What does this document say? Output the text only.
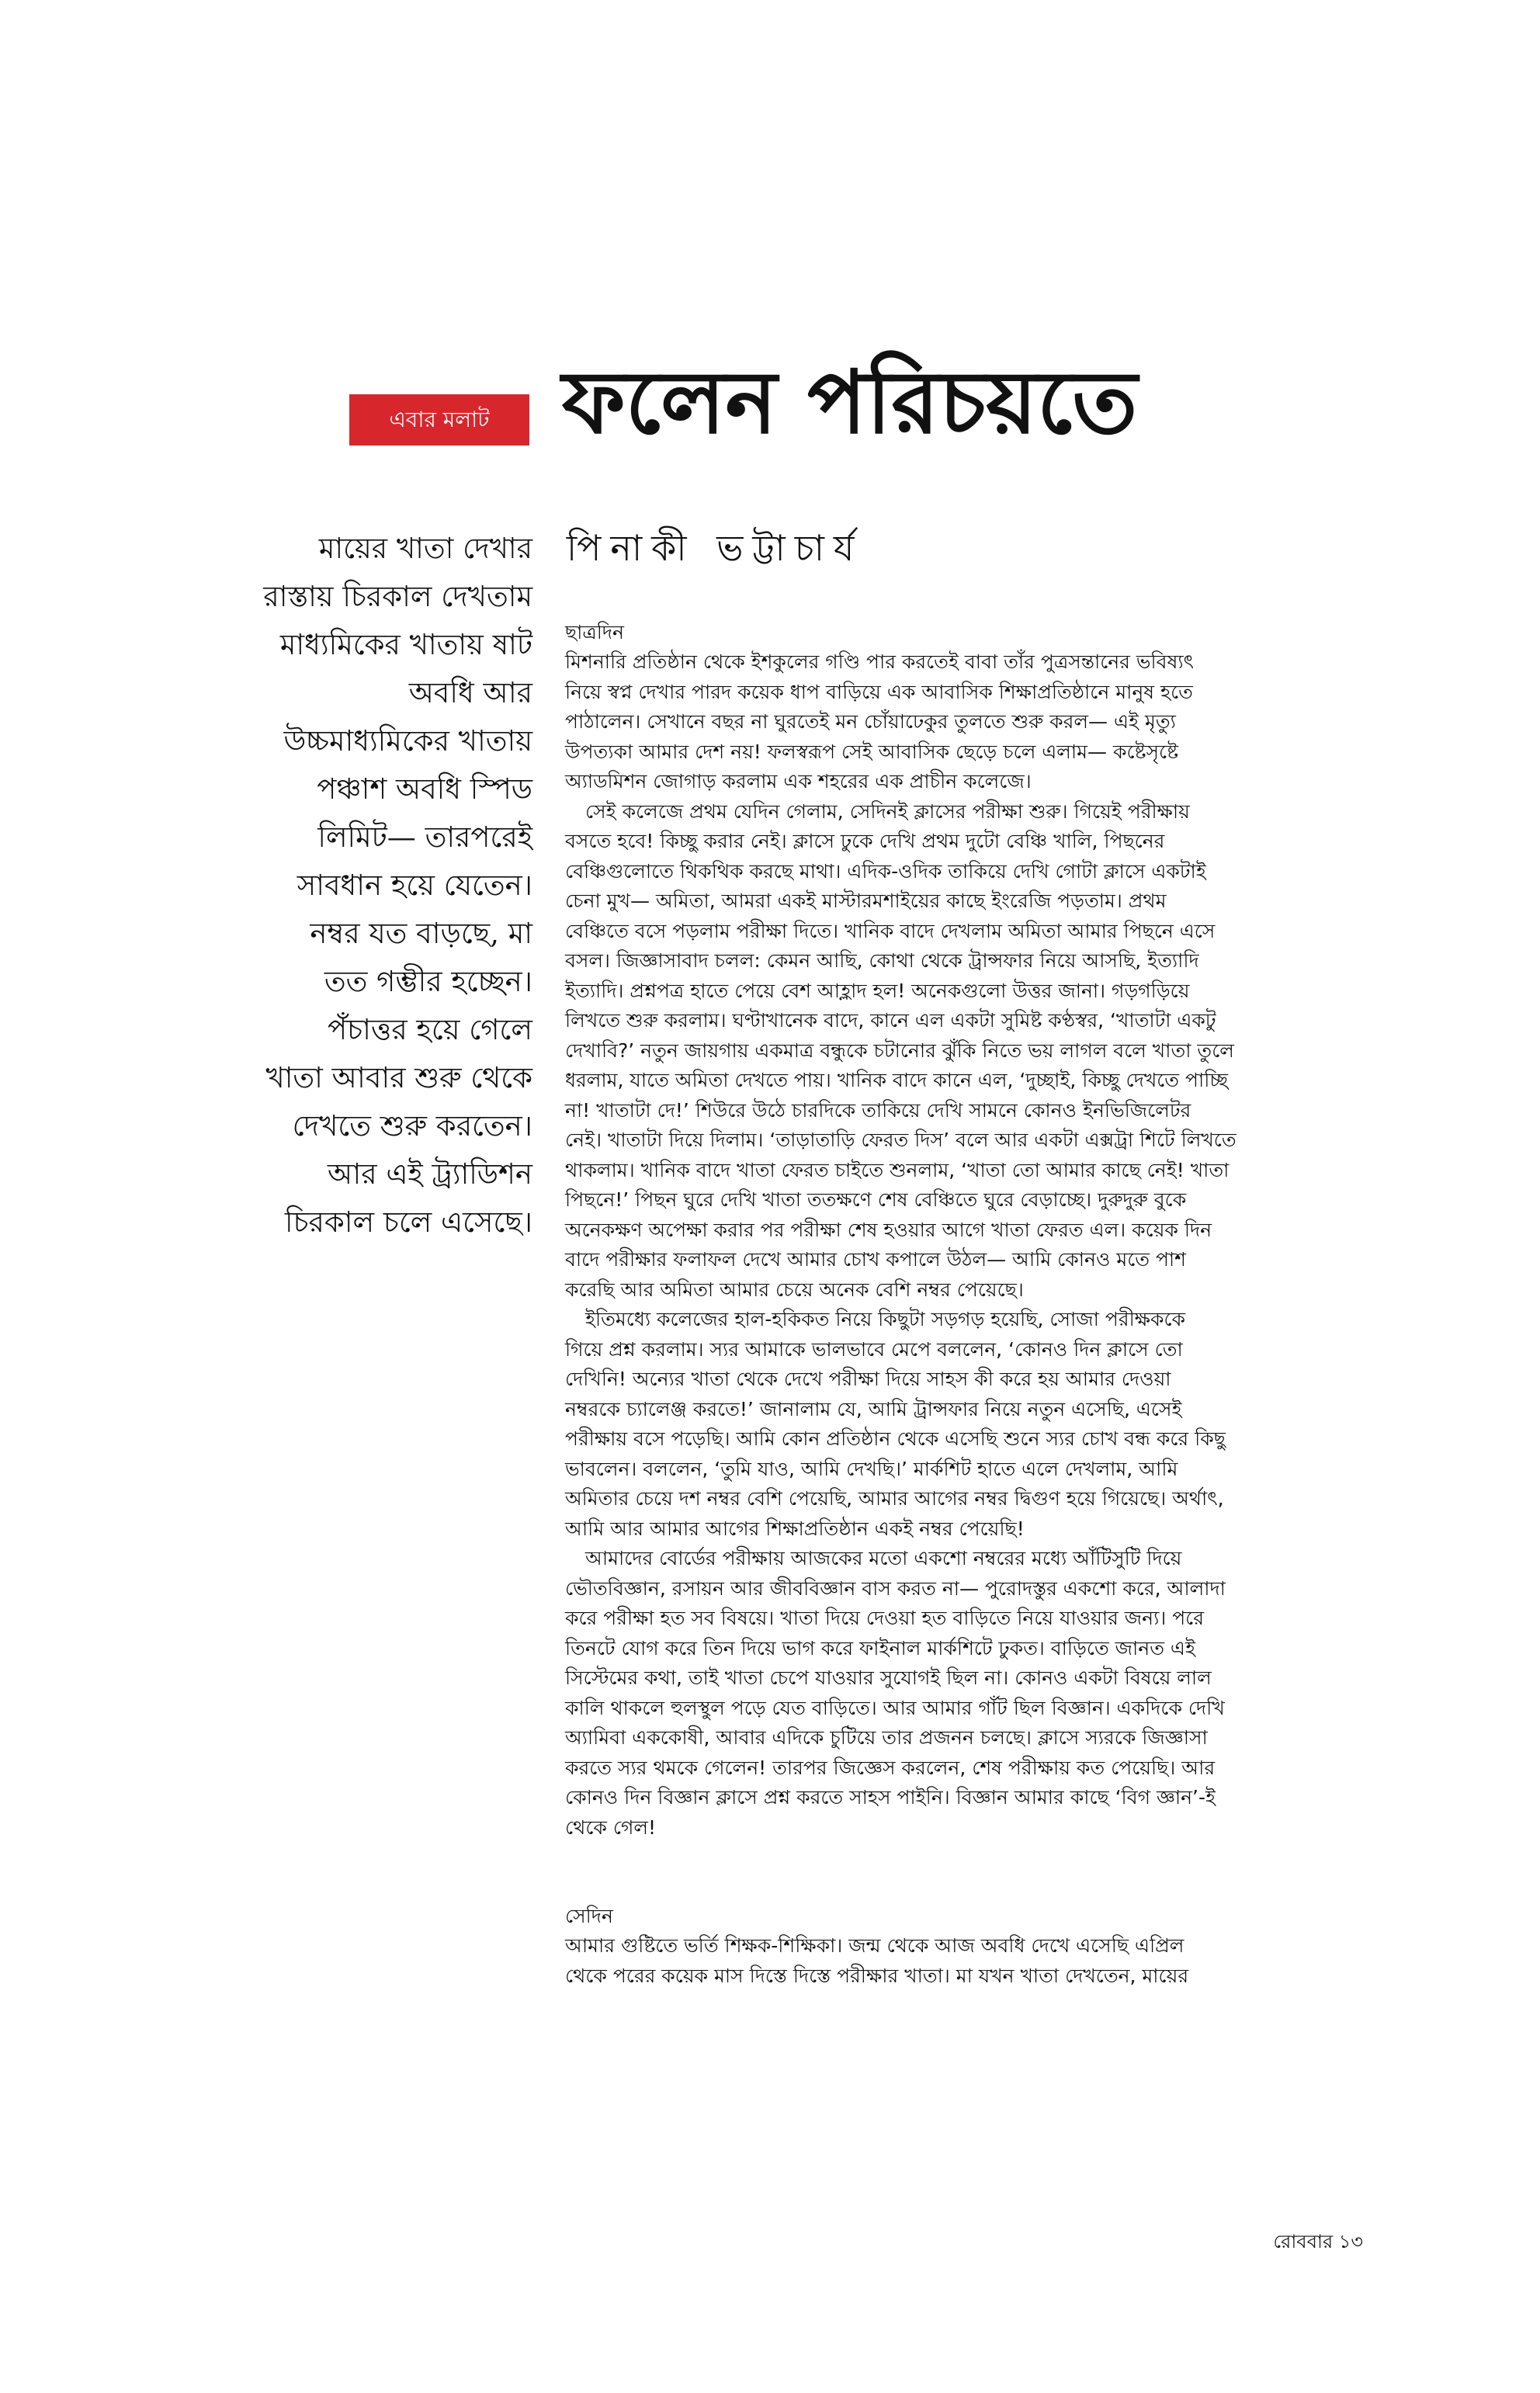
এবার মলাট ফলেন পরিচয়তে
পিনাকী ভট্টাচার্য
মায়ের খাতা দেখার
রাস্তায় চিরকাল দেখতাম
মাধ্যমিকের খাতায় ষাট
অবধি আর
উচ্চমাধ্যমিকের খাতায়
পঞ্চাশ অবধি স্পিড
লিমিট— তারপরেই
সাবধান হয়ে যেতেন।
নম্বর যত বাড়ছে, মা
তত গম্ভীর হচ্ছেন।
পঁচাত্তর হয়ে গেলে
খাতা আবার শুরু থেকে
দেখতে শুরু করতেন।
আর এই ট্র্যাডিশন
চিরকাল চলে এসেছে।
ছাত্রদিন
মিশনারি প্রতিষ্ঠান থেকে ইশকুলের গণ্ডি পার করতেই বাবা তাঁর পুত্রসন্তানের ভবিষ্যৎ
নিয়ে স্বপ্ন দেখার পারদ কয়েক ধাপ বাড়িয়ে এক আবাসিক শিক্ষাপ্রতিষ্ঠানে মানুষ হতে
পাঠালেন। সেখানে বছর না ঘুরতেই মন চোঁয়াঢেকুর তুলতে শুরু করল— এই মৃত্যু
উপত্যকা আমার দেশ নয়! ফলস্বরূপ সেই আবাসিক ছেড়ে চলে এলাম— কষ্টেসৃষ্টে
অ্যাডমিশন জোগাড় করলাম এক শহরের এক প্রাচীন কলেজে।
সেই কলেজে প্রথম যেদিন গেলাম, সেদিনই ক্লাসের পরীক্ষা শুরু। গিয়েই পরীক্ষায়
বসতে হবে! কিচ্ছু করার নেই। ক্লাসে ঢুকে দেখি প্রথম দুটো বেঞ্চি খালি, পিছনের
বেঞ্চিগুলোতে থিকথিক করছে মাথা। এদিক-ওদিক তাকিয়ে দেখি গোটা ক্লাসে একটাই
চেনা মুখ— অমিতা, আমরা একই মাস্টারমশাইয়ের কাছে ইংরেজি পড়তাম। প্রথম
বেঞ্চিতে বসে পড়লাম পরীক্ষা দিতে। খানিক বাদে দেখলাম অমিতা আমার পিছনে এসে
বসল। জিজ্ঞাসাবাদ চলল: কেমন আছি, কোথা থেকে ট্রান্সফার নিয়ে আসছি, ইত্যাদি
ইত্যাদি। প্রশ্নপত্র হাতে পেয়ে বেশ আহ্লাদ হল! অনেকগুলো উত্তর জানা। গড়গড়িয়ে
লিখতে শুরু করলাম। ঘণ্টাখানেক বাদে, কানে এল একটা সুমিষ্ট কণ্ঠস্বর, ‘খাতাটা একটু
দেখাবি?’ নতুন জায়গায় একমাত্র বন্ধুকে চটানোর ঝুঁকি নিতে ভয় লাগল বলে খাতা তুলে
ধরলাম, যাতে অমিতা দেখতে পায়। খানিক বাদে কানে এল, ‘দুচ্ছাই, কিচ্ছু দেখতে পাচ্ছি
না! খাতাটা দে!’ শিউরে উঠে চারদিকে তাকিয়ে দেখি সামনে কোনও ইনভিজিলেটর
নেই। খাতাটা দিয়ে দিলাম। ‘তাড়াতাড়ি ফেরত দিস’ বলে আর একটা এক্সট্রা শিটে লিখতে
থাকলাম। খানিক বাদে খাতা ফেরত চাইতে শুনলাম, ‘খাতা তো আমার কাছে নেই! খাতা
পিছনে!’ পিছন ঘুরে দেখি খাতা ততক্ষণে শেষ বেঞ্চিতে ঘুরে বেড়াচ্ছে। দুরুদুরু বুকে
অনেকক্ষণ অপেক্ষা করার পর পরীক্ষা শেষ হওয়ার আগে খাতা ফেরত এল। কয়েক দিন
বাদে পরীক্ষার ফলাফল দেখে আমার চোখ কপালে উঠল— আমি কোনও মতে পাশ
করেছি আর অমিতা আমার চেয়ে অনেক বেশি নম্বর পেয়েছে।
ইতিমধ্যে কলেজের হাল-হকিকত নিয়ে কিছুটা সড়গড় হয়েছি, সোজা পরীক্ষককে
গিয়ে প্রশ্ন করলাম। স্যর আমাকে ভালভাবে মেপে বললেন, ‘কোনও দিন ক্লাসে তো
দেখিনি! অন্যের খাতা থেকে দেখে পরীক্ষা দিয়ে সাহস কী করে হয় আমার দেওয়া
নম্বরকে চ্যালেঞ্জ করতে!’ জানালাম যে, আমি ট্রান্সফার নিয়ে নতুন এসেছি, এসেই
পরীক্ষায় বসে পড়েছি। আমি কোন প্রতিষ্ঠান থেকে এসেছি শুনে স্যর চোখ বন্ধ করে কিছু
ভাবলেন। বললেন, ‘তুমি যাও, আমি দেখছি।’ মার্কশিট হাতে এলে দেখলাম, আমি
অমিতার চেয়ে দশ নম্বর বেশি পেয়েছি, আমার আগের নম্বর দ্বিগুণ হয়ে গিয়েছে। অর্থাৎ,
আমি আর আমার আগের শিক্ষাপ্রতিষ্ঠান একই নম্বর পেয়েছি!
আমাদের বোর্ডের পরীক্ষায় আজকের মতো একশো নম্বরের মধ্যে আঁটিসুটি দিয়ে
ভৌতবিজ্ঞান, রসায়ন আর জীববিজ্ঞান বাস করত না— পুরোদস্তুর একশো করে, আলাদা
করে পরীক্ষা হত সব বিষয়ে। খাতা দিয়ে দেওয়া হত বাড়িতে নিয়ে যাওয়ার জন্য। পরে
তিনটে যোগ করে তিন দিয়ে ভাগ করে ফাইনাল মার্কশিটে ঢুকত। বাড়িতে জানত এই
সিস্টেমের কথা, তাই খাতা চেপে যাওয়ার সুযোগই ছিল না। কোনও একটা বিষয়ে লাল
কালি থাকলে হুলস্থুল পড়ে যেত বাড়িতে। আর আমার গাঁট ছিল বিজ্ঞান। একদিকে দেখি
অ্যামিবা এককোষী, আবার এদিকে চুটিয়ে তার প্রজনন চলছে। ক্লাসে স্যরকে জিজ্ঞাসা
করতে স্যর থমকে গেলেন! তারপর জিজ্ঞেস করলেন, শেষ পরীক্ষায় কত পেয়েছি। আর
কোনও দিন বিজ্ঞান ক্লাসে প্রশ্ন করতে সাহস পাইনি। বিজ্ঞান আমার কাছে ‘বিগ জ্ঞান’-ই
থেকে গেল!
সেদিন
আমার গুষ্টিতে ভর্তি শিক্ষক-শিক্ষিকা। জন্ম থেকে আজ অবধি দেখে এসেছি এপ্রিল
থেকে পরের কয়েক মাস দিস্তে দিস্তে পরীক্ষার খাতা। মা যখন খাতা দেখতেন, মায়ের
রোববার ১৩
